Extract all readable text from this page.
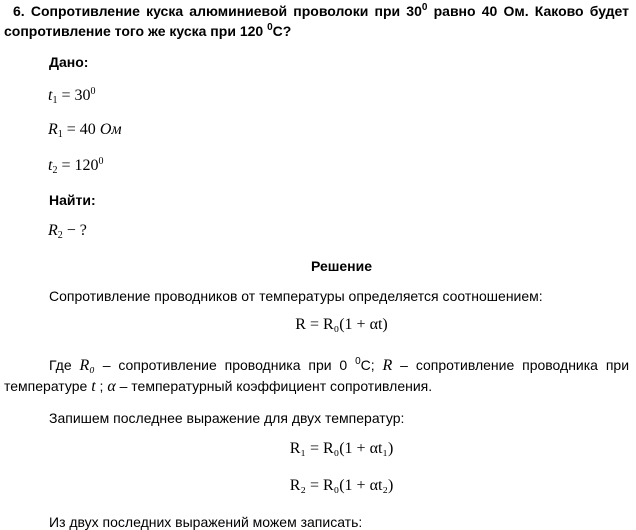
6. Сопротивление куска алюминиевой проволоки при $30^0$ равно 40 Ом. Каково будет
сопротивление того же куска при 120 $^0$С?
Дано:
$t_1 = 30^0$
$R_1 = 40$ Ом
$t_2 = 120^0$
Найти:
$R_2$ − ?
Решение
Сопротивление проводников от температуры определяется соотношением:
R = R₀(1 + αt)
Где R₀ – сопротивление проводника при 0 $^0$С; R – сопротивление проводника при
температуре t ; α – температурный коэффициент сопротивления.
Запишем последнее выражение для двух температур:
R₁ = R₀(1 + αt₁)
R₂ = R₀(1 + αt₂)
Из двух последних выражений можем записать:
